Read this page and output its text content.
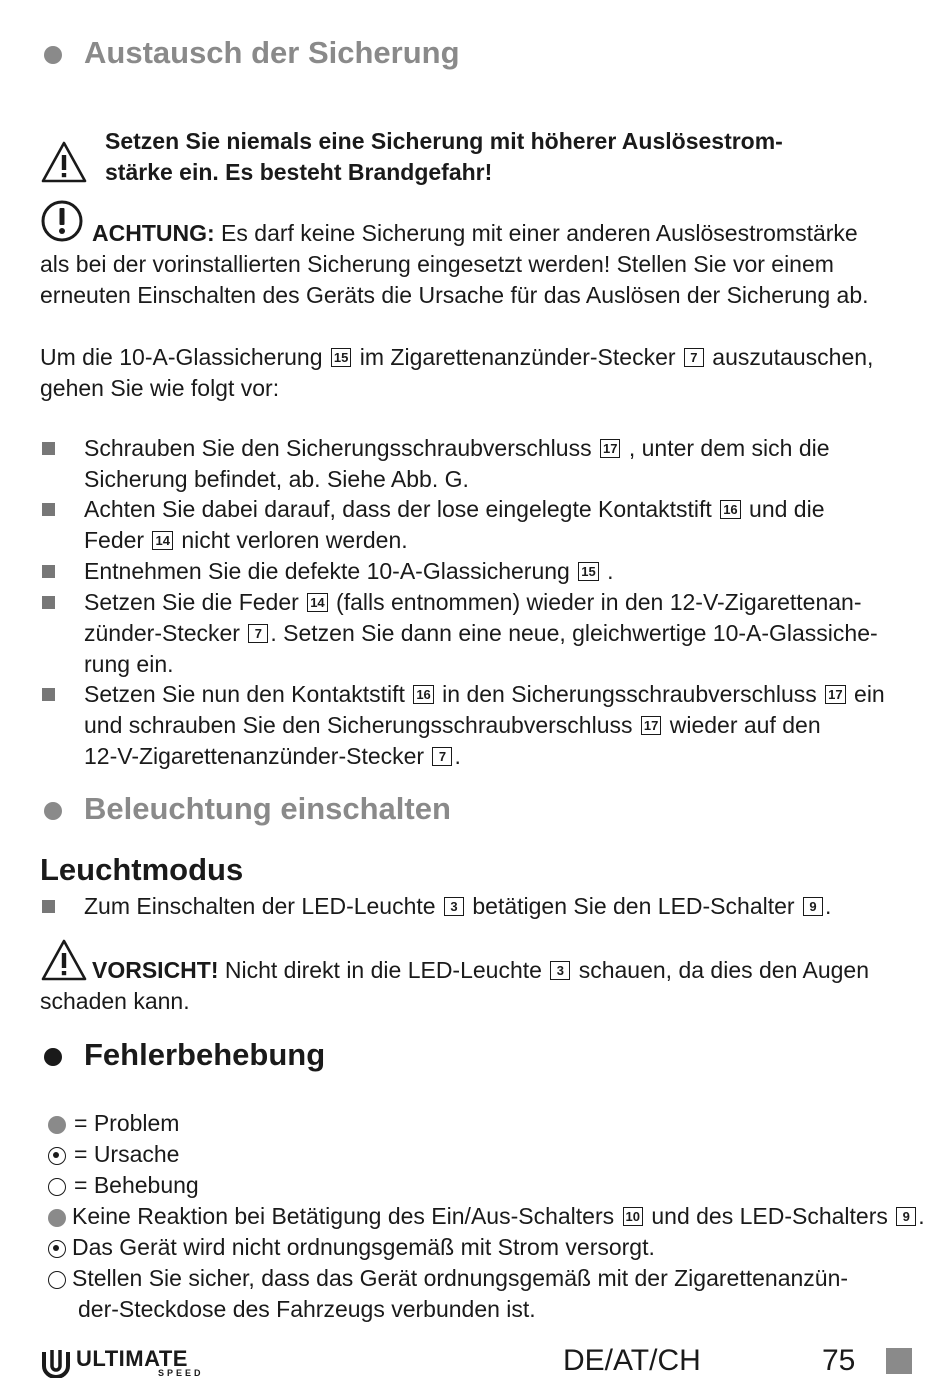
Austausch der Sicherung
Setzen Sie niemals eine Sicherung mit höherer Auslösestrom-
stärke ein. Es besteht Brandgefahr!
ACHTUNG: Es darf keine Sicherung mit einer anderen Auslösestromstärke
als bei der vorinstallierten Sicherung eingesetzt werden! Stellen Sie vor einem
erneuten Einschalten des Geräts die Ursache für das Auslösen der Sicherung ab.
Um die 10-A-Glassicherung 15 im Zigarettenanzünder-Stecker 7 auszutauschen,
gehen Sie wie folgt vor:
Schrauben Sie den Sicherungsschraubverschluss 17 , unter dem sich die
Sicherung befindet, ab. Siehe Abb. G.
Achten Sie dabei darauf, dass der lose eingelegte Kontaktstift 16 und die
Feder 14 nicht verloren werden.
Entnehmen Sie die defekte 10-A-Glassicherung 15 .
Setzen Sie die Feder 14 (falls entnommen) wieder in den 12-V-Zigarettenan-
zünder-Stecker 7 . Setzen Sie dann eine neue, gleichwertige 10-A-Glassiche-
rung ein.
Setzen Sie nun den Kontaktstift 16 in den Sicherungsschraubverschluss 17 ein
und schrauben Sie den Sicherungsschraubverschluss 17 wieder auf den
12-V-Zigarettenanzünder-Stecker 7 .
Beleuchtung einschalten
Leuchtmodus
Zum Einschalten der LED-Leuchte 3 betätigen Sie den LED-Schalter 9 .
VORSICHT! Nicht direkt in die LED-Leuchte 3 schauen, da dies den Augen
schaden kann.
Fehlerbehebung
= Problem
= Ursache
= Behebung
Keine Reaktion bei Betätigung des Ein/Aus-Schalters 10 und des LED-Schalters 9 .
Das Gerät wird nicht ordnungsgemäß mit Strom versorgt.
Stellen Sie sicher, dass das Gerät ordnungsgemäß mit der Zigarettenanzün-
der-Steckdose des Fahrzeugs verbunden ist.
ULTIMATE
SPEED	DE/AT/CH	75
